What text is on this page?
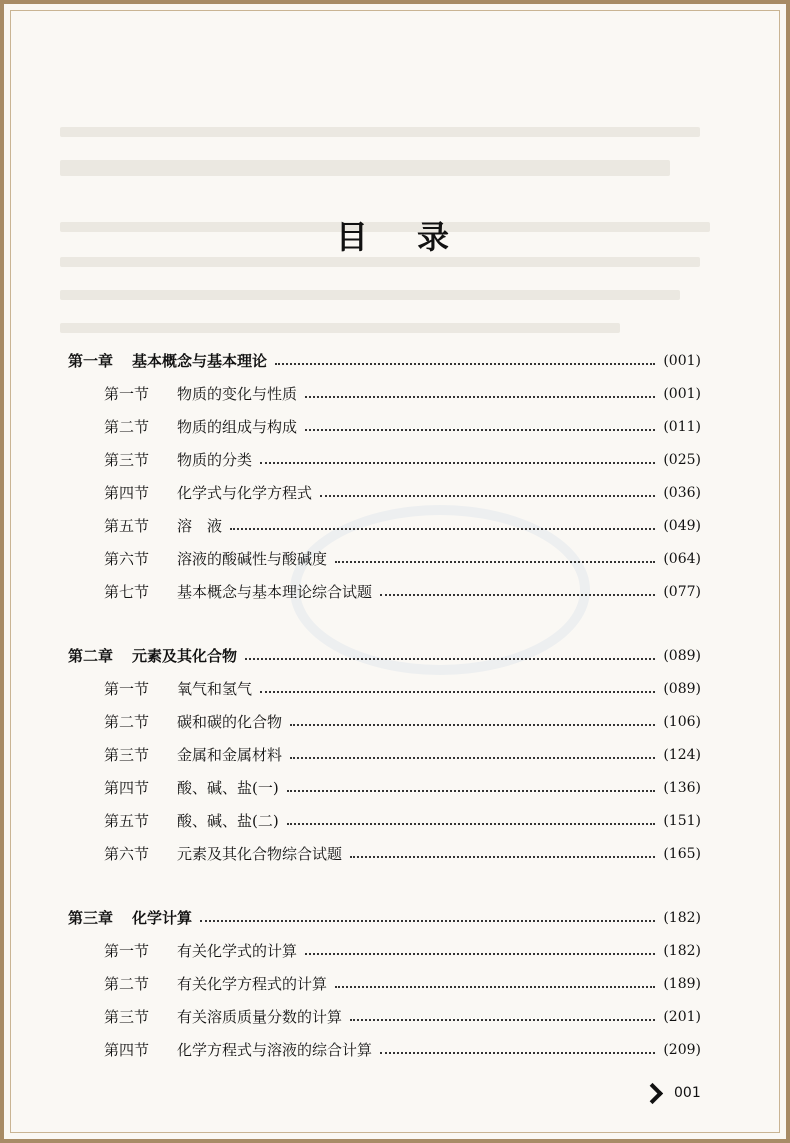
目 录
第一章	基本概念与基本理论	(001)
第一节	物质的变化与性质	(001)
第二节	物质的组成与构成	(011)
第三节	物质的分类	(025)
第四节	化学式与化学方程式	(036)
第五节	溶　液	(049)
第六节	溶液的酸碱性与酸碱度	(064)
第七节	基本概念与基本理论综合试题	(077)
第二章	元素及其化合物	(089)
第一节	氧气和氢气	(089)
第二节	碳和碳的化合物	(106)
第三节	金属和金属材料	(124)
第四节	酸、碱、盐(一)	(136)
第五节	酸、碱、盐(二)	(151)
第六节	元素及其化合物综合试题	(165)
第三章	化学计算	(182)
第一节	有关化学式的计算	(182)
第二节	有关化学方程式的计算	(189)
第三节	有关溶质质量分数的计算	(201)
第四节	化学方程式与溶液的综合计算	(209)
001
